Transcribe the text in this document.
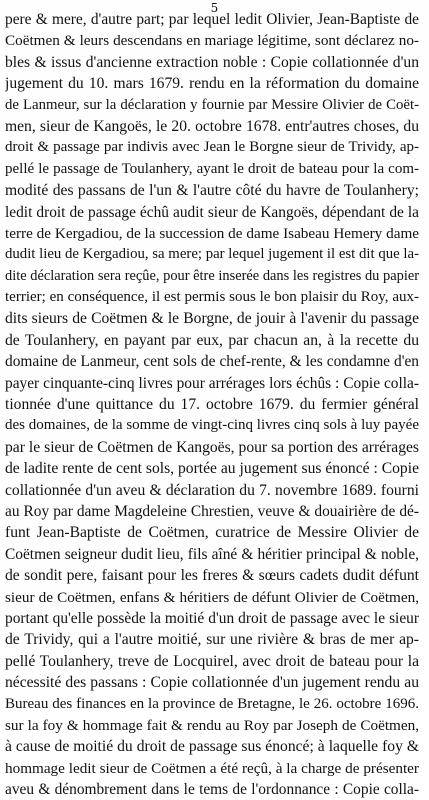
5
pere & mere, d'autre part; par lequel ledit Olivier, Jean-Baptiste de
Coëtmen & leurs descendans en mariage légitime, sont déclarez no-
bles & issus d'ancienne extraction noble : Copie collationnée d'un
jugement du 10. mars 1679. rendu en la réformation du domaine
de Lanmeur, sur la déclaration y fournie par Messire Olivier de Coët-
men, sieur de Kangoës, le 20. octobre 1678. entr'autres choses, du
droit & passage par indivis avec Jean le Borgne sieur de Trividy, ap-
pellé le passage de Toulanhery, ayant le droit de bateau pour la com-
modité des passans de l'un & l'autre côté du havre de Toulanhery;
ledit droit de passage échû audit sieur de Kangoës, dépendant de la
terre de Kergadiou, de la succession de dame Isabeau Hemery dame
dudit lieu de Kergadiou, sa mere; par lequel jugement il est dit que la-
dite déclaration sera reçûe, pour être inserée dans les registres du papier
terrier; en conséquence, il est permis sous le bon plaisir du Roy, aux-
dits sieurs de Coëtmen & le Borgne, de jouir à l'avenir du passage
de Toulanhery, en payant par eux, par chacun an, à la recette du
domaine de Lanmeur, cent sols de chef-rente, & les condamne d'en
payer cinquante-cinq livres pour arrérages lors échûs : Copie colla-
tionnée d'une quittance du 17. octobre 1679. du fermier général
des domaines, de la somme de vingt-cinq livres cinq sols à luy payée
par le sieur de Coëtmen de Kangoës, pour sa portion des arrérages
de ladite rente de cent sols, portée au jugement sus énoncé : Copie
collationnée d'un aveu & déclaration du 7. novembre 1689. fourni
au Roy par dame Magdeleine Chrestien, veuve & douairière de dé-
funt Jean-Baptiste de Coëtmen, curatrice de Messire Olivier de
Coëtmen seigneur dudit lieu, fils aîné & héritier principal & noble,
de sondit pere, faisant pour les freres & sœurs cadets dudit défunt
sieur de Coëtmen, enfans & héritiers de défunt Olivier de Coëtmen,
portant qu'elle possède la moitié d'un droit de passage avec le sieur
de Trividy, qui a l'autre moitié, sur une rivière & bras de mer ap-
pellé Toulanhery, treve de Locquirel, avec droit de bateau pour la
nécessité des passans : Copie collationnée d'un jugement rendu au
Bureau des finances en la province de Bretagne, le 26. octobre 1696.
sur la foy & hommage fait & rendu au Roy par Joseph de Coëtmen,
à cause de moitié du droit de passage sus énoncé; à laquelle foy &
hommage ledit sieur de Coëtmen a été reçû, à la charge de présenter
aveu & dénombrement dans le tems de l'ordonnance : Copie colla-
